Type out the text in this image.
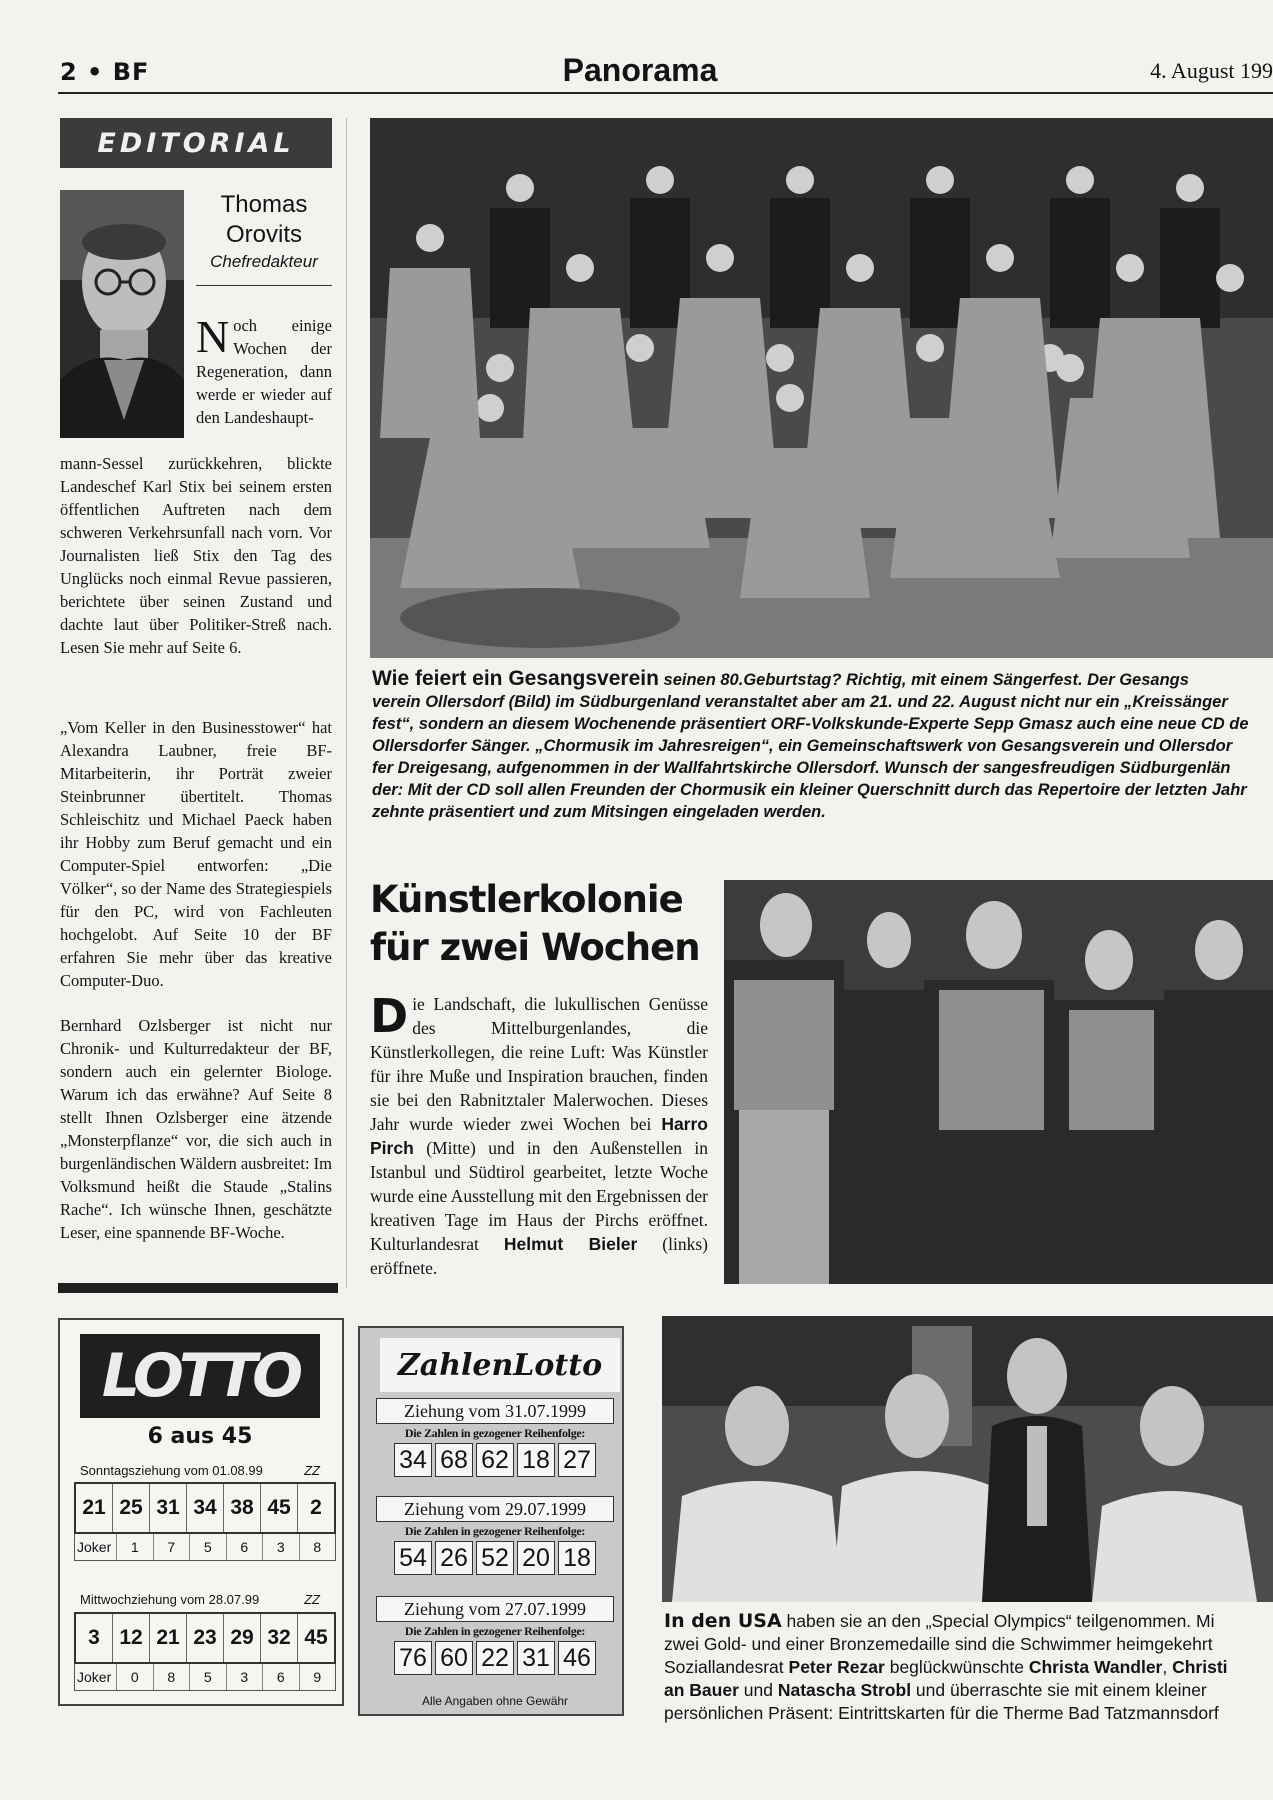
2 • BF	Panorama	4. August 199
EDITORIAL
Thomas
Orovits
Chefredakteur
Noch einige Wochen der Regeneration, dann werde er wieder auf den Landeshaupt-
mann-Sessel zurückkehren, blickte Landeschef Karl Stix bei seinem ersten öffentlichen Auftreten nach dem schweren Verkehrsunfall nach vorn. Vor Journalisten ließ Stix den Tag des Unglücks noch einmal Revue passieren, berichtete über seinen Zustand und dachte laut über Politiker-Streß nach. Lesen Sie mehr auf Seite 6.
„Vom Keller in den Businesstower“ hat Alexandra Laubner, freie BF-Mitarbeiterin, ihr Porträt zweier Steinbrunner übertitelt. Thomas Schleischitz und Michael Paeck haben ihr Hobby zum Beruf gemacht und ein Computer-Spiel entworfen: „Die Völker“, so der Name des Strategiespiels für den PC, wird von Fachleuten hochgelobt. Auf Seite 10 der BF erfahren Sie mehr über das kreative Computer-Duo.
Bernhard Ozlsberger ist nicht nur Chronik- und Kulturredakteur der BF, sondern auch ein gelernter Biologe. Warum ich das erwähne? Auf Seite 8 stellt Ihnen Ozlsberger eine ätzende „Monsterpflanze“ vor, die sich auch in burgenländischen Wäldern ausbreitet: Im Volksmund heißt die Staude „Stalins Rache“. Ich wünsche Ihnen, geschätzte Leser, eine spannende BF-Woche.
Wie feiert ein Gesangsverein seinen 80.Geburtstag? Richtig, mit einem Sängerfest. Der Gesangs
verein Ollersdorf (Bild) im Südburgenland veranstaltet aber am 21. und 22. August nicht nur ein „Kreissänger
fest“, sondern an diesem Wochenende präsentiert ORF-Volkskunde-Experte Sepp Gmasz auch eine neue CD de
Ollersdorfer Sänger. „Chormusik im Jahresreigen“, ein Gemeinschaftswerk von Gesangsverein und Ollersdor
fer Dreigesang, aufgenommen in der Wallfahrtskirche Ollersdorf. Wunsch der sangesfreudigen Südburgenlän
der: Mit der CD soll allen Freunden der Chormusik ein kleiner Querschnitt durch das Repertoire der letzten Jahr
zehnte präsentiert und zum Mitsingen eingeladen werden.
Künstlerkolonie
für zwei Wochen
Die Landschaft, die lukullischen Genüsse des Mittelburgenlandes, die Künstlerkollegen, die reine Luft: Was Künstler für ihre Muße und Inspiration brauchen, finden sie bei den Rabnitztaler Malerwochen. Dieses Jahr wurde wieder zwei Wochen bei Harro Pirch (Mitte) und in den Außenstellen in Istanbul und Südtirol gearbeitet, letzte Woche wurde eine Ausstellung mit den Ergebnissen der kreativen Tage im Haus der Pirchs eröffnet. Kulturlandesrat Helmut Bieler (links) eröffnete.
LOTTO
6 aus 45
Sonntagsziehung vom 01.08.99	ZZ
21 25 31 34 38 45 2
Joker	1	7	5	6	3	8
Mittwochziehung vom 28.07.99	ZZ
3 12 21 23 29 32 45
Joker	0	8	5	3	6	9
ZahlenLotto
Ziehung vom 31.07.1999
Die Zahlen in gezogener Reihenfolge:
34 68 62 18 27
Ziehung vom 29.07.1999
Die Zahlen in gezogener Reihenfolge:
54 26 52 20 18
Ziehung vom 27.07.1999
Die Zahlen in gezogener Reihenfolge:
76 60 22 31 46
Alle Angaben ohne Gewähr
In den USA haben sie an den „Special Olympics“ teilgenommen. Mi
zwei Gold- und einer Bronzemedaille sind die Schwimmer heimgekehrt
Soziallandesrat Peter Rezar beglückwünschte Christa Wandler, Christi
an Bauer und Natascha Strobl und überraschte sie mit einem kleiner
persönlichen Präsent: Eintrittskarten für die Therme Bad Tatzmannsdorf
